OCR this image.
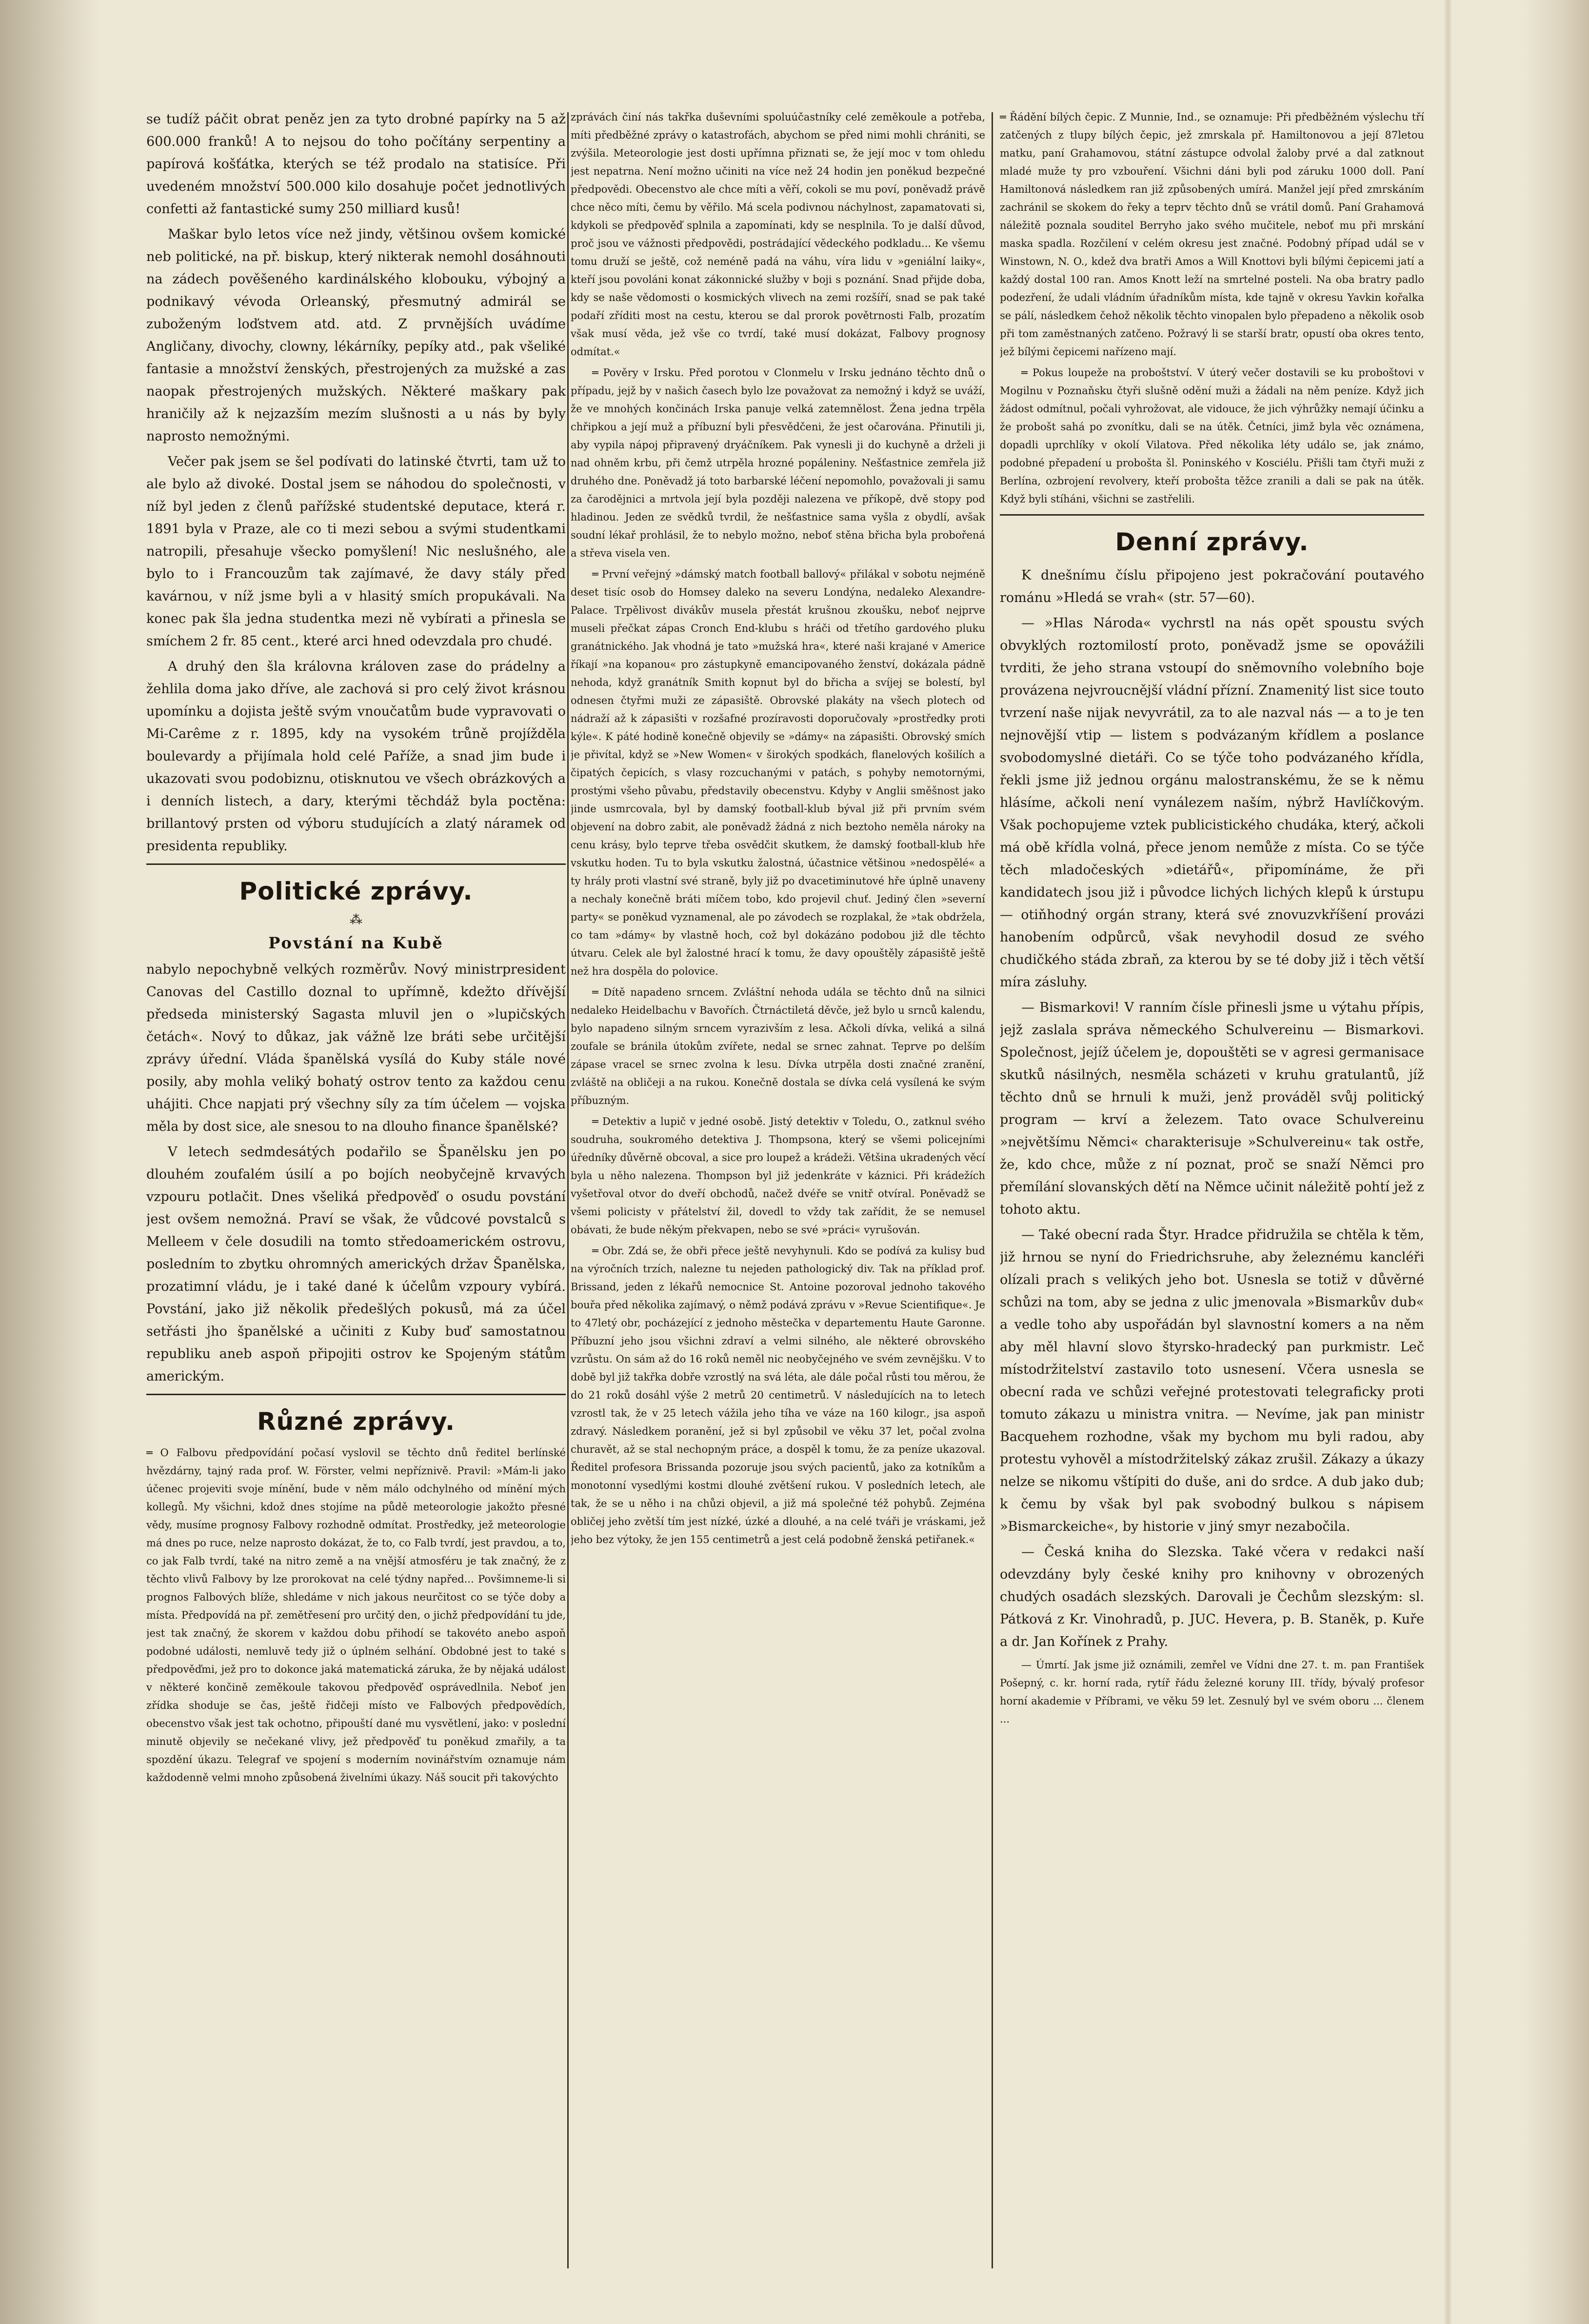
se tudíž páčit obrat peněz jen za tyto drobné papírky na 5 až 600.000 franků! A to nejsou do toho počítány serpentiny a papírová košťátka, kterých se též prodalo na statisíce. Při uvedeném množství 500.000 kilo dosahuje počet jednotlivých confetti až fantastické sumy 250 milliard kusů!

Maškar bylo letos více než jindy, většinou ovšem komické neb politické, na př. biskup, který nikterak nemohl dosáhnouti na zádech pověšeného kardinálského klobouku, výbojný a podnikavý vévoda Orleanský, přesmutný admirál se zuboženým loďstvem atd. atd. Z prvnějších uvádíme Angličany, divochy, clowny, lékárníky, pepíky atd., pak všeliké fantasie a množství ženských, přestrojených za mužské a zas naopak přestrojených mužských. Některé maškary pak hraničily až k nejzazším mezím slušnosti a u nás by byly naprosto nemožnými.

Večer pak jsem se šel podívati do latinské čtvrti, tam už to ale bylo až divoké. Dostal jsem se náhodou do společnosti, v níž byl jeden z členů pařížské studentské deputace, která r. 1891 byla v Praze, ale co ti mezi sebou a svými studentkami natropili, přesahuje všecko pomyšlení! Nic neslušného, ale bylo to i Francouzům tak zajímavé, že davy stály před kavárnou, v níž jsme byli a v hlasitý smích propukávali. Na konec pak šla jedna studentka mezi ně vybírati a přinesla se smíchem 2 fr. 85 cent., které arci hned odevzdala pro chudé.

A druhý den šla královna královen zase do prádelny a žehlila doma jako dříve, ale zachová si pro celý život krásnou upomínku a dojista ještě svým vnoučatům bude vypravovati o Mi-Carême z r. 1895, kdy na vysokém trůně projížděla boulevardy a přijímala hold celé Paříže, a snad jim bude i ukazovati svou podobiznu, otisknutou ve všech obrázkových a i denních listech, a dary, kterými těchdáž byla poctěna: brillantový prsten od výboru studujících a zlatý náramek od presidenta republiky.

Politické zprávy.
⁂
Povstání na Kubě

nabylo nepochybně velkých rozměrův. Nový ministrpresident Canovas del Castillo doznal to upřímně, kdežto dřívější předseda ministerský Sagasta mluvil jen o »lupičských četách«. Nový to důkaz, jak vážně lze bráti sebe určitější zprávy úřední. Vláda španělská vysílá do Kuby stále nové posily, aby mohla veliký bohatý ostrov tento za každou cenu uhájiti. Chce napjati prý všechny síly za tím účelem — vojska měla by dost sice, ale snesou to na dlouho finance španělské?

V letech sedmdesátých podařilo se Španělsku jen po dlouhém zoufalém úsilí a po bojích neobyčejně krvavých vzpouru potlačit. Dnes všeliká předpověď o osudu povstání jest ovšem nemožná. Praví se však, že vůdcové povstalců s Melleem v čele dosudili na tomto středoamerickém ostrovu, posledním to zbytku ohromných amerických držav Španělska, prozatimní vládu, je i také dané k účelům vzpoury vybírá. Povstání, jako již několik předešlých pokusů, má za účel setřásti jho španělské a učiniti z Kuby buď samostatnou republiku aneb aspoň připojiti ostrov ke Spojeným státům americkým.

Různé zprávy.

═ O Falbovu předpovídání počasí vyslovil se těchto dnů ředitel berlínské hvězdárny, tajný rada prof. W. Förster, velmi nepříznivě. Pravil: »Mám-li jako účenec projeviti svoje mínění, bude v něm málo odchylného od mínění mých kollegů. My všichni, kdož dnes stojíme na půdě meteorologie jakožto přesné vědy, musíme prognosy Falbovy rozhodně odmítat. Prostředky, jež meteorologie má dnes po ruce, nelze naprosto dokázat, že to, co Falb tvrdí, jest pravdou, a to, co jak Falb tvrdí, také na nitro země a na vnější atmosféru je tak značný, že z těchto vlivů Falbovy by lze prorokovat na celé týdny napřed... Povšimneme-li si prognos Falbových blíže, shledáme v nich jakous neurčitost co se týče doby a místa. Předpovídá na př. zemětřesení pro určitý den, o jichž předpovídání tu jde, jest tak značný, že skorem v každou dobu přihodí se takovéto anebo aspoň podobné události, nemluvě tedy již o úplném selhání. Obdobné jest to také s předpověďmi, jež pro to dokonce jaká matematická záruka, že by nějaká událost v některé končině zeměkoule takovou předpověď osprávedlnila. Neboť jen zřídka shoduje se čas, ještě řidčeji místo ve Falbových předpovědích, obecenstvo však jest tak ochotno, připouští dané mu vysvětlení, jako: v poslední minutě objevily se nečekané vlivy, jež předpověď tu poněkud zmařily, a ta spozdění úkazu. Telegraf ve spojení s moderním novinářstvím oznamuje nám každodenně velmi mnoho způsobená živelními úkazy. Náš soucit při takovýchto

zprávách činí nás takřka duševními spoluúčastníky celé zeměkoule a potřeba, míti předběžné zprávy o katastrofách, abychom se před nimi mohli chrániti, se zvýšila. Meteorologie jest dosti upřímna přiznati se, že její moc v tom ohledu jest nepatrna. Není možno učiniti na více než 24 hodin jen poněkud bezpečné předpovědi. Obecenstvo ale chce míti a věří, cokoli se mu poví, poněvadž právě chce něco míti, čemu by věřilo. Má scela podivnou náchylnost, zapamatovati si, kdykoli se předpověď splnila a zapomínati, kdy se nesplnila. To je další důvod, proč jsou ve vážnosti předpovědi, postrádající vědeckého podkladu... Ke všemu tomu druží se ještě, což neméně padá na váhu, víra lidu v »geniální laiky«, kteří jsou povoláni konat zákonnické služby v boji s poznání. Snad přijde doba, kdy se naše vědomosti o kosmických vlivech na zemi rozšíří, snad se pak také podaří zříditi most na cestu, kterou se dal prorok povětrnosti Falb, prozatím však musí věda, jež vše co tvrdí, také musí dokázat, Falbovy prognosy odmítat.«

═ Pověry v Irsku. Před porotou v Clonmelu v Irsku jednáno těchto dnů o případu, jejž by v našich časech bylo lze považovat za nemožný i když se uváží, že ve mnohých končinách Irska panuje velká zatemnělost. Žena jedna trpěla chřipkou a její muž a příbuzní byli přesvědčeni, že jest očarována. Přinutili ji, aby vypila nápoj připravený dryáčníkem. Pak vynesli ji do kuchyně a drželi ji nad ohněm krbu, při čemž utrpěla hrozné popáleniny. Nešťastnice zemřela již druhého dne. Poněvadž já toto barbarské léčení nepomohlo, považovali ji samu za čarodějnici a mrtvola její byla později nalezena ve příkopě, dvě stopy pod hladinou. Jeden ze svědků tvrdil, že nešťastnice sama vyšla z obydlí, avšak soudní lékař prohlásil, že to nebylo možno, neboť stěna břicha byla probořená a střeva visela ven.

═ První veřejný »dámský match football ballový« přilákal v sobotu nejméně deset tisíc osob do Homsey daleko na severu Londýna, nedaleko Alexandre-Palace. Trpělivost divákův musela přestát krušnou zkoušku, neboť nejprve museli přečkat zápas Cronch End-klubu s hráči od třetího gardového pluku granátnického. Jak vhodná je tato »mužská hra«, které naši krajané v Americe říkají »na kopanou« pro zástupkyně emancipovaného ženství, dokázala pádně nehoda, když granátník Smith kopnut byl do břicha a svíjej se bolestí, byl odnesen čtyřmi muži ze zápasiště. Obrovské plakáty na všech plotech od nádraží až k zápasišti v rozšafné prozíravosti doporučovaly »prostředky proti kýle«. K páté hodině konečně objevily se »dámy« na zápasišti. Obrovský smích je přivítal, když se »New Women« v širokých spodkách, flanelových košilích a čipatých čepicích, s vlasy rozcuchanými v patách, s pohyby nemotornými, prostými všeho půvabu, představily obecenstvu. Kdyby v Anglii směšnost jako jinde usmrcovala, byl by damský football-klub býval již při prvním svém objevení na dobro zabit, ale poněvadž žádná z nich beztoho neměla nároky na cenu krásy, bylo teprve třeba osvědčit skutkem, že damský football-klub hře vskutku hoden. Tu to byla vskutku žalostná, účastnice většinou »nedospělé« a ty hrály proti vlastní své straně, byly již po dvacetiminutové hře úplně unaveny a nechaly konečně bráti míčem tobo, kdo projevil chuť. Jediný člen »severní party« se poněkud vyznamenal, ale po závodech se rozplakal, že »tak obdržela, co tam »dámy« by vlastně hoch, což byl dokázáno podobou již dle těchto útvaru. Celek ale byl žalostné hrací k tomu, že davy opouštěly zápasiště ještě než hra dospěla do polovice.

═ Dítě napadeno srncem. Zvláštní nehoda udála se těchto dnů na silnici nedaleko Heidelbachu v Bavořích. Čtrnáctiletá děvče, jež bylo u srnců kalendu, bylo napadeno silným srncem vyrazivším z lesa. Ačkoli dívka, veliká a silná zoufale se bránila útokům zvířete, nedal se srnec zahnat. Teprve po delším zápase vracel se srnec zvolna k lesu. Dívka utrpěla dosti značné zranění, zvláště na obličeji a na rukou. Konečně dostala se dívka celá vysílená ke svým příbuzným.

═ Detektiv a lupič v jedné osobě. Jistý detektiv v Toledu, O., zatknul svého soudruha, soukromého detektiva J. Thompsona, který se všemi policejními úředníky důvěrně obcoval, a sice pro loupež a krádeži. Většina ukradených věcí byla u něho nalezena. Thompson byl již jedenkráte v káznici. Při krádežích vyšetřoval otvor do dveří obchodů, načež dvéře se vnitř otvíral. Poněvadž se všemi policisty v přátelství žil, dovedl to vždy tak zařídit, že se nemusel obávati, že bude někým překvapen, nebo se své »práci« vyrušován.

═ Obr. Zdá se, že obři přece ještě nevyhynuli. Kdo se podívá za kulisy bud na výročních trzích, nalezne tu nejeden pathologický div. Tak na příklad prof. Brissand, jeden z lékařů nemocnice St. Antoine pozoroval jednoho takového bouřa před několika zajímavý, o němž podává zprávu v »Revue Scientifique«. Je to 47letý obr, pocházející z jednoho městečka v departementu Haute Garonne. Příbuzní jeho jsou všichni zdraví a velmi silného, ale některé obrovského vzrůstu. On sám až do 16 roků neměl nic neobyčejného ve svém zevnějšku. V to době byl již takřka dobře vzrostlý na svá léta, ale dále počal růsti tou měrou, že do 21 roků dosáhl výše 2 metrů 20 centimetrů. V následujících na to letech vzrostl tak, že v 25 letech vážila jeho tíha ve váze na 160 kilogr., jsa aspoň zdravý. Následkem poranění, jež si byl způsobil ve věku 37 let, počal zvolna churavět, až se stal nechopným práce, a dospěl k tomu, že za peníze ukazoval. Ředitel profesora Brissanda pozoruje jsou svých pacientů, jako za kotníkům a monotonní vysedlými kostmi dlouhé zvětšení rukou. V posledních letech, ale tak, že se u něho i na chůzi objevil, a již má společné též pohybů. Zejména obličej jeho zvětší tím jest nízké, úzké a dlouhé, a na celé tváři je vráskami, jež jeho bez výtoky, že jen 155 centimetrů a jest celá podobně ženská petiřanek.«

═ Řádění bílých čepic. Z Munnie, Ind., se oznamuje: Při předběžném výslechu tří zatčených z tlupy bílých čepic, jež zmrskala př. Hamiltonovou a její 87letou matku, paní Grahamovou, státní zástupce odvolal žaloby prvé a dal zatknout mladé muže ty pro vzbouření. Všichni dáni byli pod záruku 1000 doll. Paní Hamiltonová následkem ran již způsobených umírá. Manžel její před zmrskáním zachránil se skokem do řeky a teprv těchto dnů se vrátil domů. Paní Grahamová náležitě poznala souditel Berryho jako svého mučitele, neboť mu při mrskání maska spadla. Rozčilení v celém okresu jest značné. Podobný případ udál se v Winstown, N. O., kdež dva bratři Amos a Will Knottovi byli bílými čepicemi jatí a každý dostal 100 ran. Amos Knott leží na smrtelné posteli. Na oba bratry padlo podezření, že udali vládním úřadníkům místa, kde tajně v okresu Yavkin kořalka se pálí, následkem čehož několik těchto vinopalen bylo přepadeno a několik osob při tom zaměstnaných zatčeno. Požravý li se starší bratr, opustí oba okres tento, jež bílými čepicemi nařízeno mají.

═ Pokus loupeže na proboštství. V úterý večer dostavili se ku proboštovi v Mogilnu v Poznaňsku čtyři slušně odění muži a žádali na něm peníze. Když jich žádost odmítnul, počali vyhrožovat, ale vidouce, že jich výhrůžky nemají účinku a že probošt sahá po zvonítku, dali se na útěk. Četníci, jimž byla věc oznámena, dopadli uprchlíky v okolí Vilatova. Před několika léty událo se, jak známo, podobné přepadení u probošta šl. Poninského v Kosciélu. Přišli tam čtyři muži z Berlína, ozbrojení revolvery, kteří probošta těžce zranili a dali se pak na útěk. Když byli stíháni, všichni se zastřelili.

Denní zprávy.

K dnešnímu číslu připojeno jest pokračování poutavého románu »Hledá se vrah« (str. 57—60).

— »Hlas Národa« vychrstl na nás opět spoustu svých obvyklých roztomilostí proto, poněvadž jsme se opovážili tvrditi, že jeho strana vstoupí do sněmovního volebního boje provázena nejvroucnější vládní přízní. Znamenitý list sice touto tvrzení naše nijak nevyvrátil, za to ale nazval nás — a to je ten nejnovější vtip — listem s podvázaným křídlem a poslance svobodomyslné dietáři. Co se týče toho podvázaného křídla, řekli jsme již jednou orgánu malostranskému, že se k němu hlásíme, ačkoli není vynálezem naším, nýbrž Havlíčkovým. Však pochopujeme vztek publicistického chudáka, který, ačkoli má obě křídla volná, přece jenom nemůže z místa. Co se týče těch mladočeských »dietářů«, připomínáme, že při kandidatech jsou již i původce lichých lichých klepů k úrstupu — otiňhodný orgán strany, která své znovuzvkříšení provázi hanobením odpůrců, však nevyhodil dosud ze svého chudičkého stáda zbraň, za kterou by se té doby již i těch větší míra zásluhy.

— Bismarkovi! V ranním čísle přinesli jsme u výtahu přípis, jejž zaslala správa německého Schulvereinu — Bismarkovi. Společnost, jejíž účelem je, dopouštěti se v agresi germanisace skutků násilných, nesměla scházeti v kruhu gratulantů, jíž těchto dnů se hrnuli k muži, jenž prováděl svůj politický program — krví a železem. Tato ovace Schulvereinu »největšímu Němci« charakterisuje »Schulvereinu« tak ostře, že, kdo chce, může z ní poznat, proč se snaží Němci pro přemílání slovanských dětí na Němce učinit náležitě pohtí jež z tohoto aktu.

— Také obecní rada Štyr. Hradce přidružila se chtěla k těm, již hrnou se nyní do Friedrichsruhe, aby železnému kancléři olízali prach s velikých jeho bot. Usnesla se totiž v důvěrné schůzi na tom, aby se jedna z ulic jmenovala »Bismarkův dub« a vedle toho aby uspořádán byl slavnostní komers a na něm aby měl hlavní slovo štyrsko-hradecký pan purkmistr. Leč místodržitelství zastavilo toto usnesení. Včera usnesla se obecní rada ve schůzi veřejné protestovati telegraficky proti tomuto zákazu u ministra vnitra. — Nevíme, jak pan ministr Bacquehem rozhodne, však my bychom mu byli radou, aby protestu vyhověl a místodržitelský zákaz zrušil. Zákazy a úkazy nelze se nikomu vštípiti do duše, ani do srdce. A dub jako dub; k čemu by však byl pak svobodný bulkou s nápisem »Bismarckeiche«, by historie v jiný smyr nezabočila.

— Česká kniha do Slezska. Také včera v redakci naší odevzdány byly české knihy pro knihovny v obrozených chudých osadách slezských. Darovali je Čechům slezským: sl. Pátková z Kr. Vinohradů, p. JUC. Hevera, p. B. Staněk, p. Kuře a dr. Jan Kořínek z Prahy.

— Úmrtí. Jak jsme již oznámili, zemřel ve Vídni dne 27. t. m. pan František Pošepný, c. kr. horní rada, rytíř řádu železné koruny III. třídy, bývalý profesor horní akademie v Příbrami, ve věku 59 let. Zesnulý byl ve svém oboru ... členem ...
